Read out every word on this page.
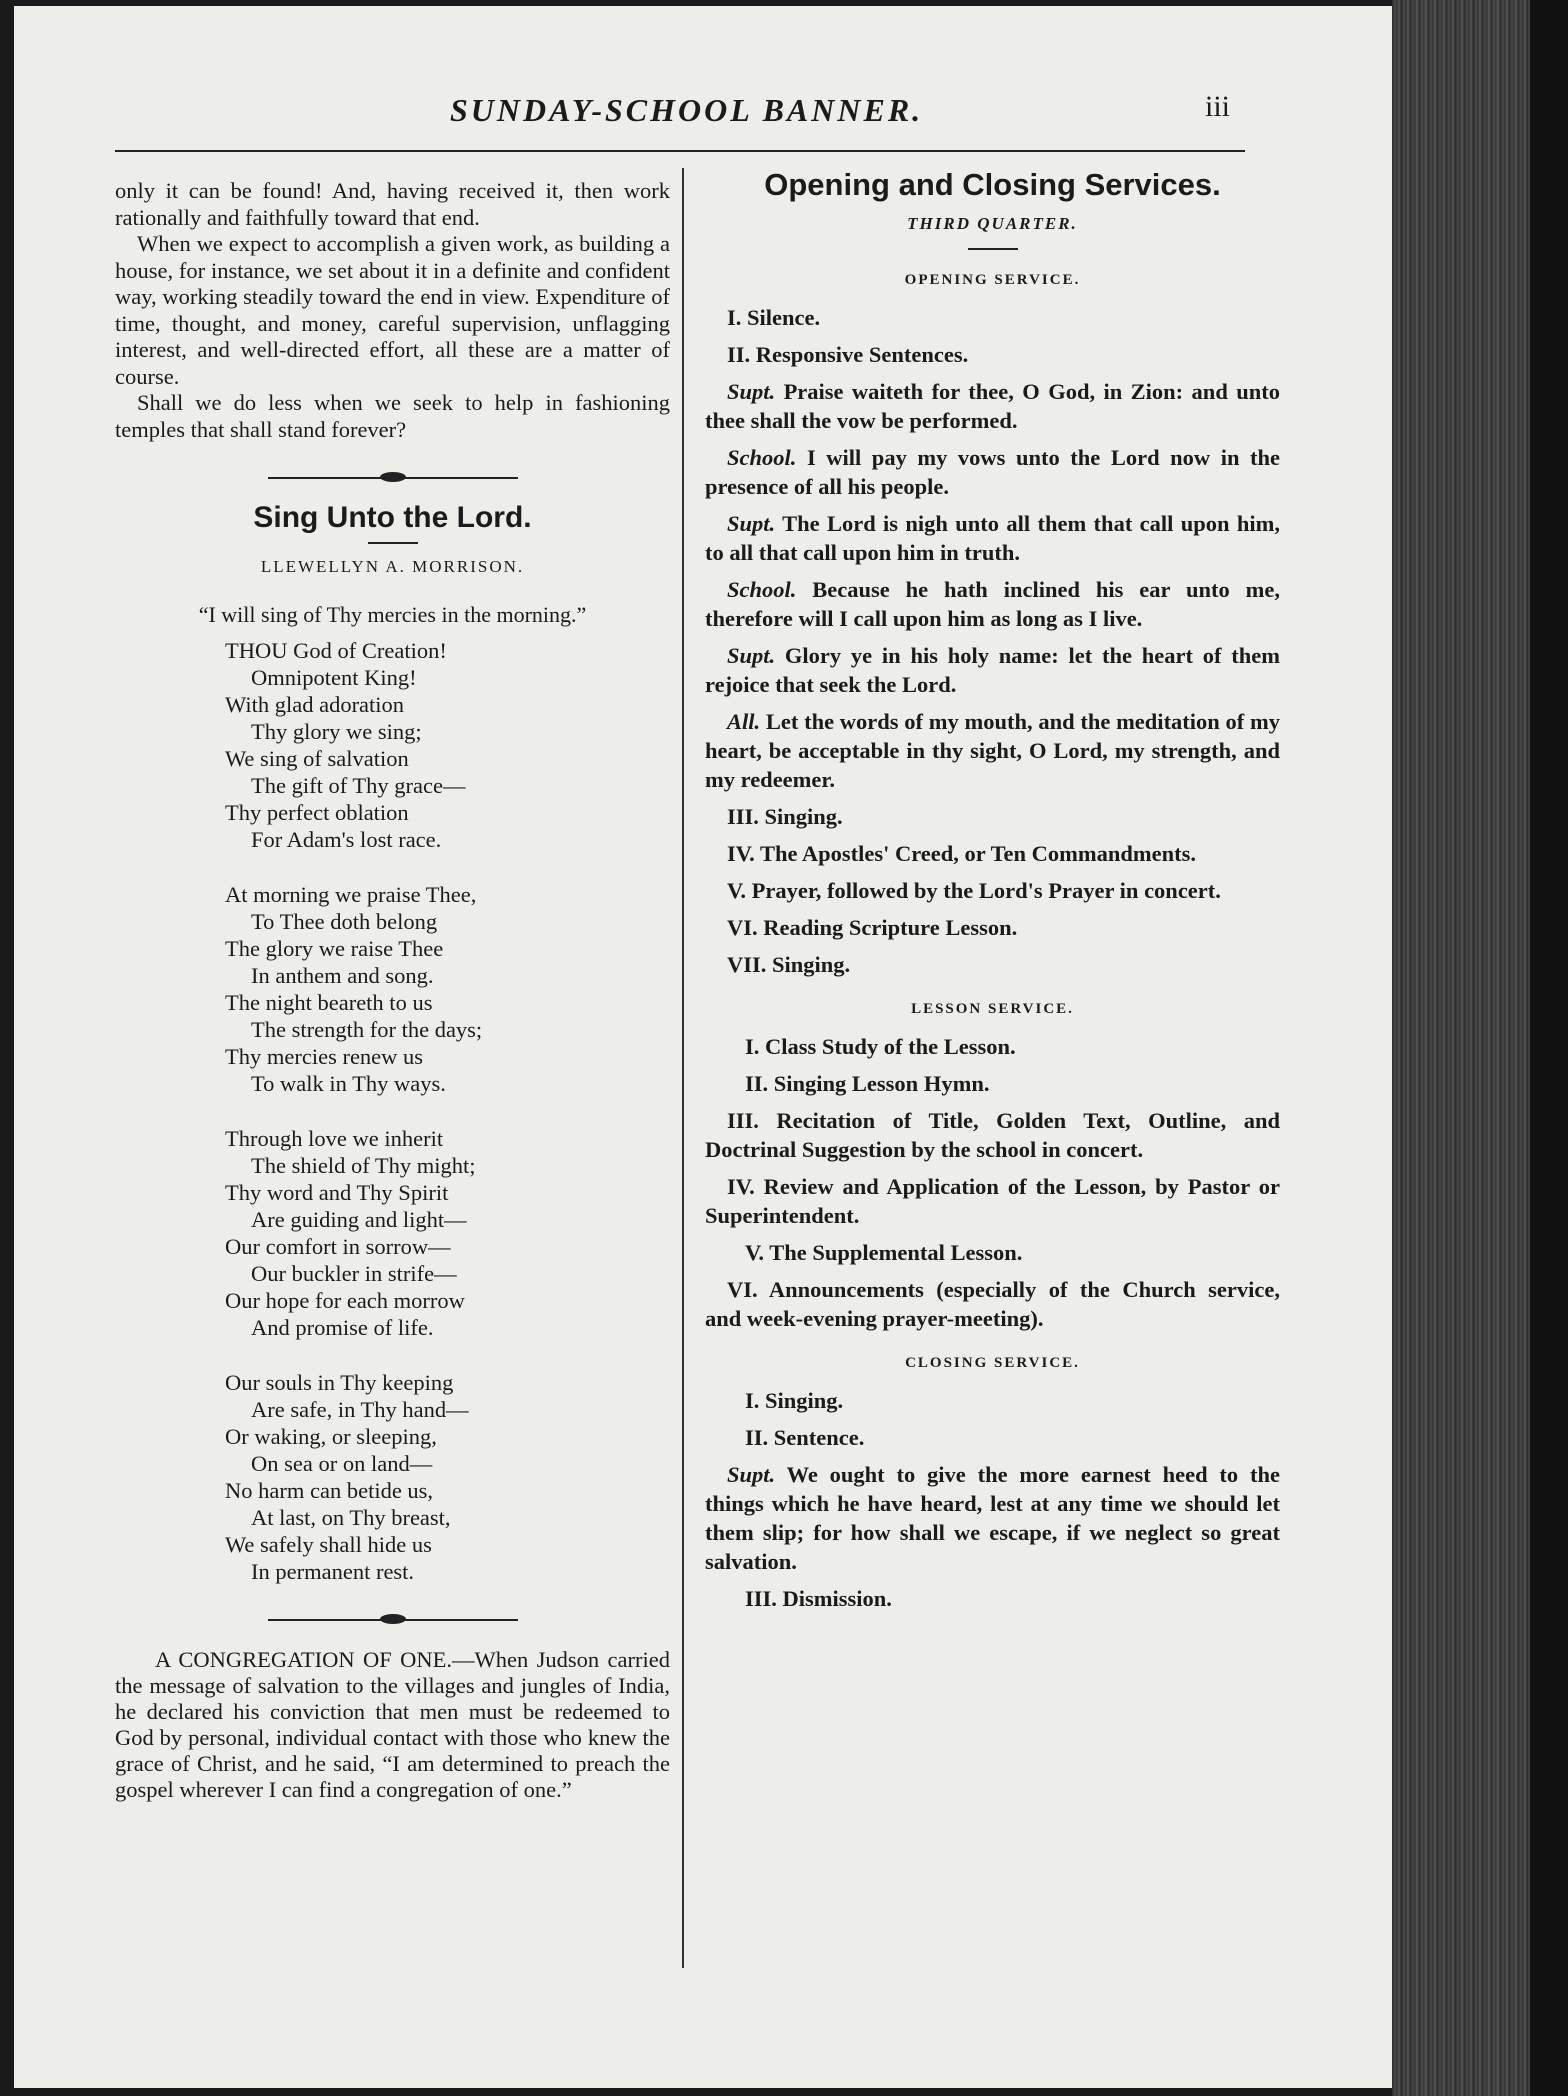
SUNDAY-SCHOOL BANNER.	iii

only it can be found! And, having received it, then work rationally and faithfully toward that end.

When we expect to accomplish a given work, as building a house, for instance, we set about it in a definite and confident way, working steadily toward the end in view. Expenditure of time, thought, and money, careful supervision, unflagging interest, and well-directed effort, all these are a matter of course.

Shall we do less when we seek to help in fashioning temples that shall stand forever?

Sing Unto the Lord.
LLEWELLYN A. MORRISON.
“I will sing of Thy mercies in the morning.”
THOU God of Creation!
Omnipotent King!
With glad adoration
Thy glory we sing;
We sing of salvation
The gift of Thy grace—
Thy perfect oblation
For Adam's lost race.
At morning we praise Thee,
To Thee doth belong
The glory we raise Thee
In anthem and song.
The night beareth to us
The strength for the days;
Thy mercies renew us
To walk in Thy ways.
Through love we inherit
The shield of Thy might;
Thy word and Thy Spirit
Are guiding and light—
Our comfort in sorrow—
Our buckler in strife—
Our hope for each morrow
And promise of life.
Our souls in Thy keeping
Are safe, in Thy hand—
Or waking, or sleeping,
On sea or on land—
No harm can betide us,
At last, on Thy breast,
We safely shall hide us
In permanent rest.

A CONGREGATION OF ONE.—When Judson carried the message of salvation to the villages and jungles of India, he declared his conviction that men must be redeemed to God by personal, individual contact with those who knew the grace of Christ, and he said, “I am determined to preach the gospel wherever I can find a congregation of one.”

Opening and Closing Services.
THIRD QUARTER.
OPENING SERVICE.

I. Silence.

II. Responsive Sentences.

Supt. Praise waiteth for thee, O God, in Zion: and unto thee shall the vow be performed.

School. I will pay my vows unto the Lord now in the presence of all his people.

Supt. The Lord is nigh unto all them that call upon him, to all that call upon him in truth.

School. Because he hath inclined his ear unto me, therefore will I call upon him as long as I live.

Supt. Glory ye in his holy name: let the heart of them rejoice that seek the Lord.

All. Let the words of my mouth, and the meditation of my heart, be acceptable in thy sight, O Lord, my strength, and my redeemer.

III. Singing.

IV. The Apostles' Creed, or Ten Commandments.

V. Prayer, followed by the Lord's Prayer in concert.

VI. Reading Scripture Lesson.

VII. Singing.

LESSON SERVICE.

I. Class Study of the Lesson.

II. Singing Lesson Hymn.

III. Recitation of Title, Golden Text, Outline, and Doctrinal Suggestion by the school in concert.

IV. Review and Application of the Lesson, by Pastor or Superintendent.

V. The Supplemental Lesson.

VI. Announcements (especially of the Church service, and week-evening prayer-meeting).

CLOSING SERVICE.

I. Singing.

II. Sentence.

Supt. We ought to give the more earnest heed to the things which he have heard, lest at any time we should let them slip; for how shall we escape, if we neglect so great salvation.

III. Dismission.
